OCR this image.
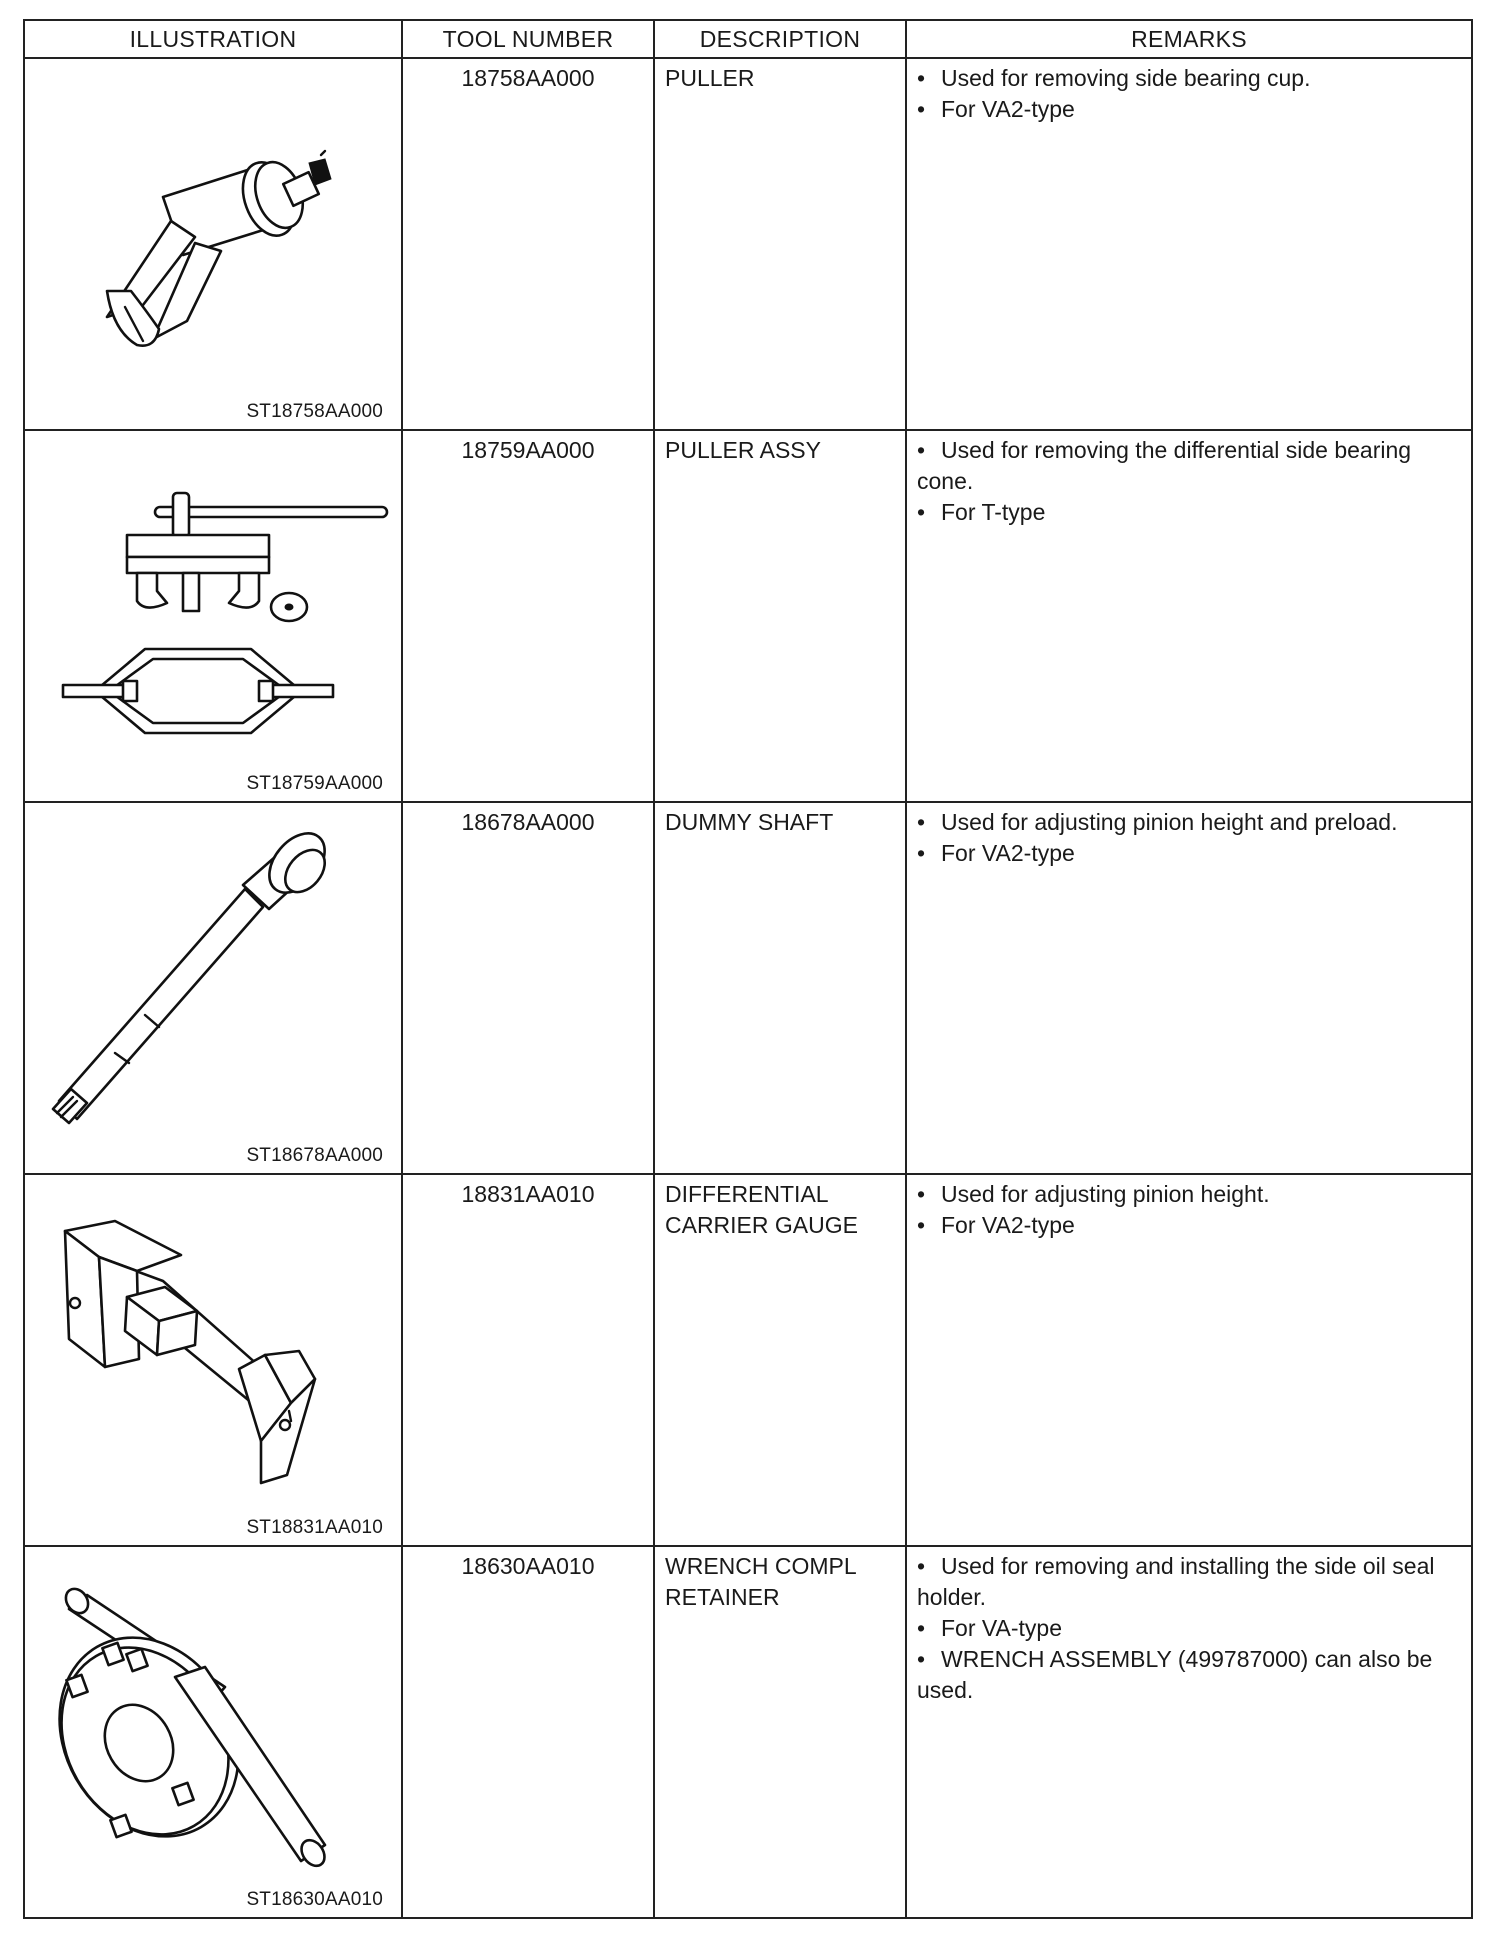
ILLUSTRATION	TOOL NUMBER	DESCRIPTION	REMARKS

ST18758AA000	18758AA000	PULLER	• Used for removing side bearing cup.
• For VA2-type

ST18759AA000	18759AA000	PULLER ASSY	• Used for removing the differential side bearing cone.
• For T-type

ST18678AA000	18678AA000	DUMMY SHAFT	• Used for adjusting pinion height and preload.
• For VA2-type

ST18831AA010	18831AA010	DIFFERENTIAL CARRIER GAUGE	• Used for adjusting pinion height.
• For VA2-type

ST18630AA010	18630AA010	WRENCH COMPL RETAINER	• Used for removing and installing the side oil seal holder.
• For VA-type
• WRENCH ASSEMBLY (499787000) can also be used.
